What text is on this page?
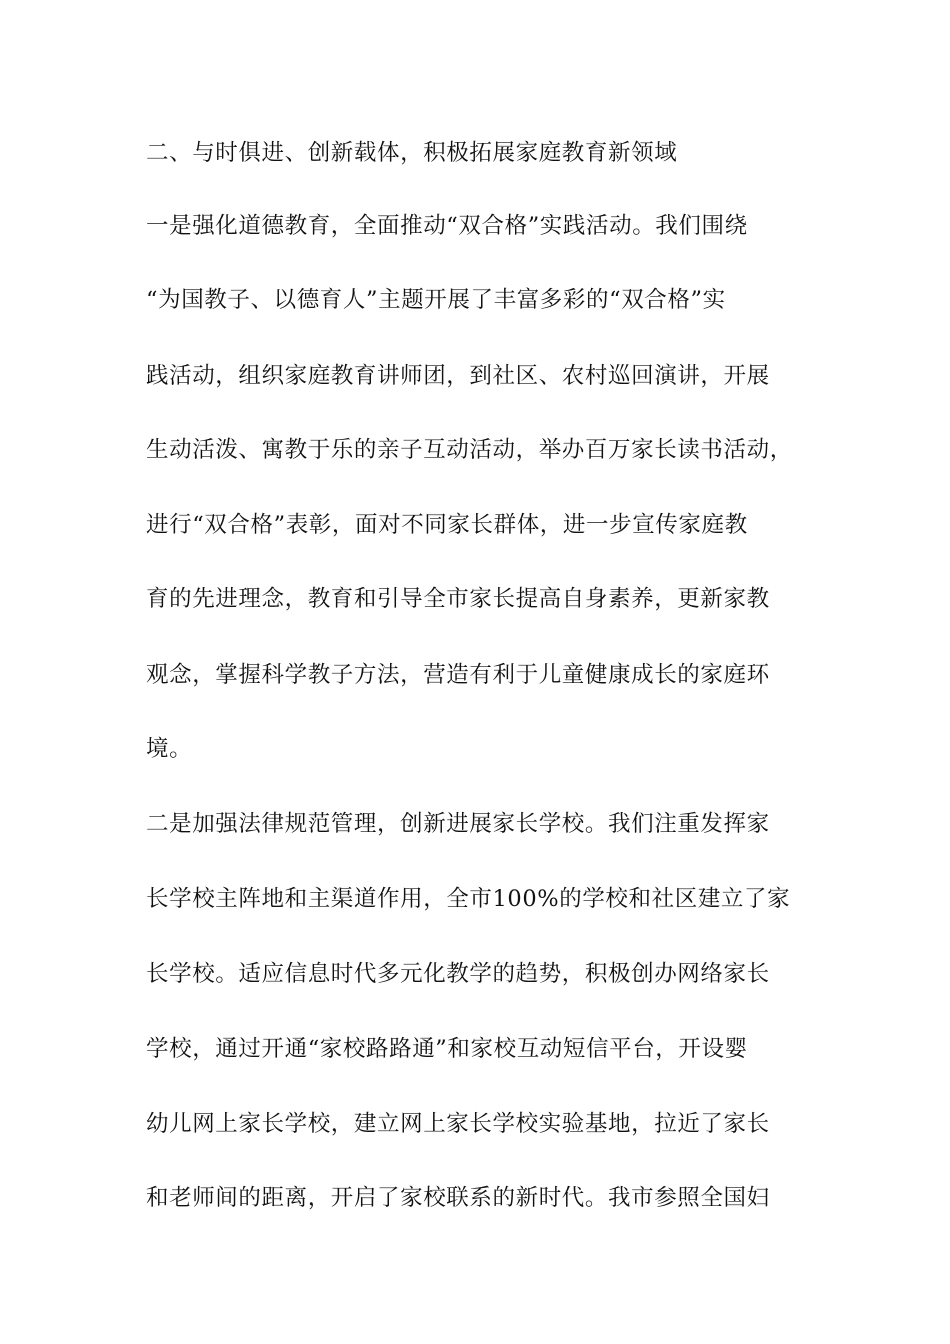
二、与时俱进、创新载体，积极拓展家庭教育新领域
一是强化道德教育，全面推动“双合格”实践活动。我们围绕
“为国教子、以德育人”主题开展了丰富多彩的“双合格”实
践活动，组织家庭教育讲师团，到社区、农村巡回演讲，开展
生动活泼、寓教于乐的亲子互动活动，举办百万家长读书活动，
进行“双合格”表彰，面对不同家长群体，进一步宣传家庭教
育的先进理念，教育和引导全市家长提高自身素养，更新家教
观念，掌握科学教子方法，营造有利于儿童健康成长的家庭环
境。
二是加强法律规范管理，创新进展家长学校。我们注重发挥家
长学校主阵地和主渠道作用，全市100%的学校和社区建立了家
长学校。适应信息时代多元化教学的趋势，积极创办网络家长
学校，通过开通“家校路路通”和家校互动短信平台，开设婴
幼儿网上家长学校，建立网上家长学校实验基地，拉近了家长
和老师间的距离，开启了家校联系的新时代。我市参照全国妇
